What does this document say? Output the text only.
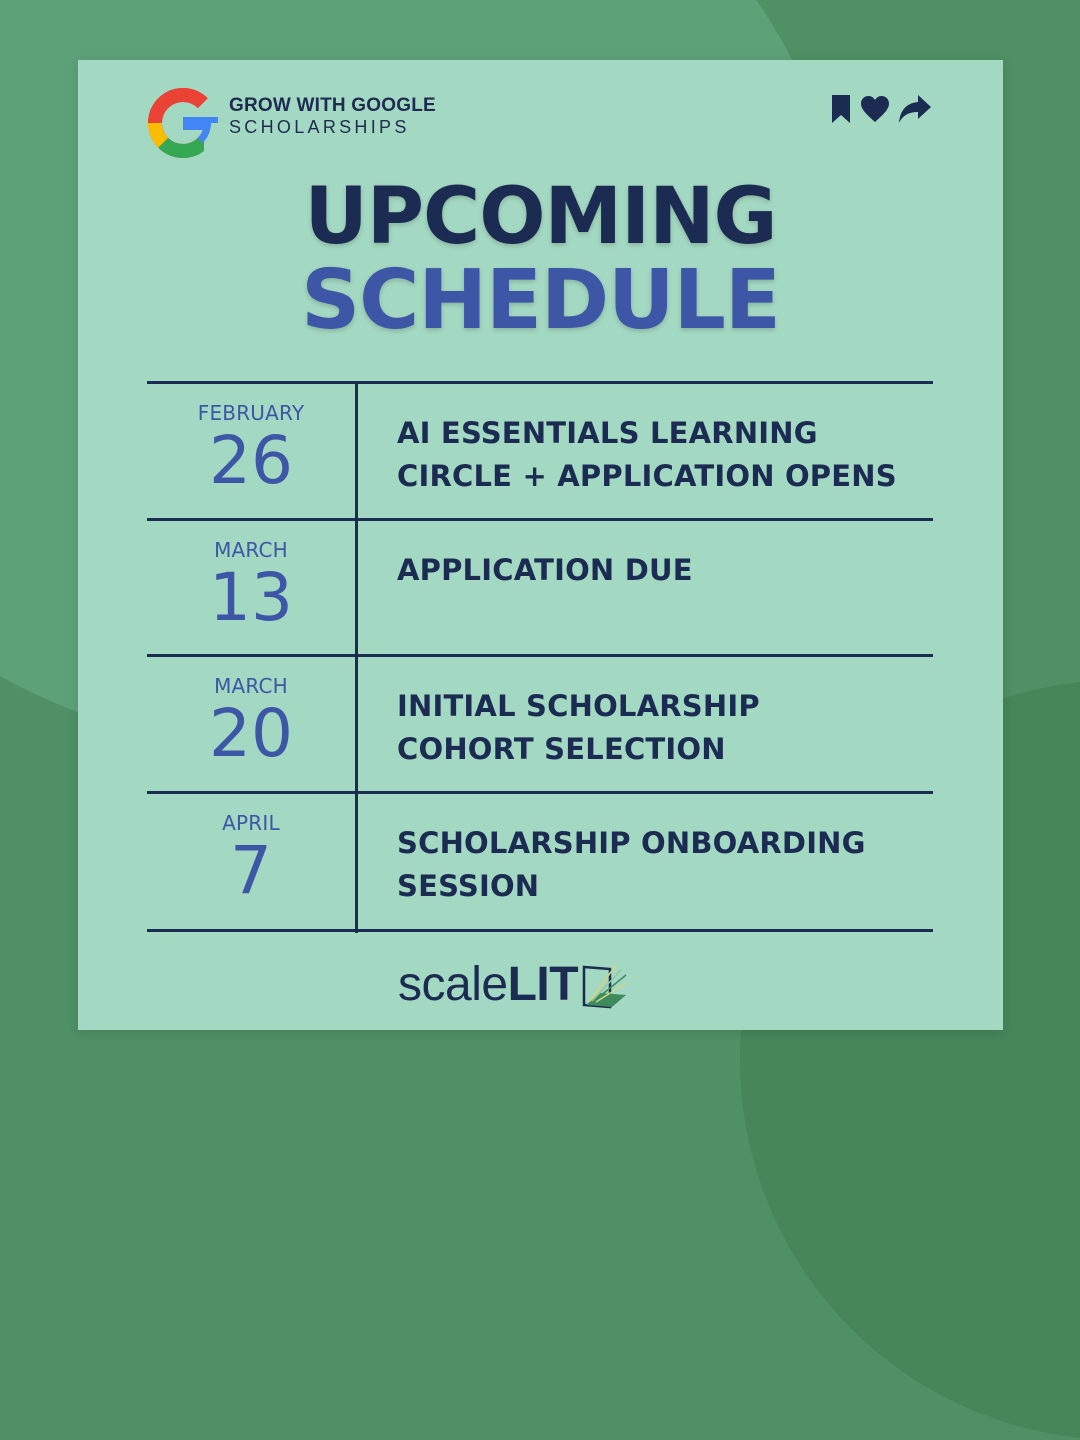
GROW WITH GOOGLE
SCHOLARSHIPS
UPCOMING
SCHEDULE
FEBRUARY
26	AI ESSENTIALS LEARNING
CIRCLE + APPLICATION OPENS
MARCH
13	APPLICATION DUE
MARCH
20	INITIAL SCHOLARSHIP
COHORT SELECTION
APRIL
7	SCHOLARSHIP ONBOARDING
SESSION
scale LIT
